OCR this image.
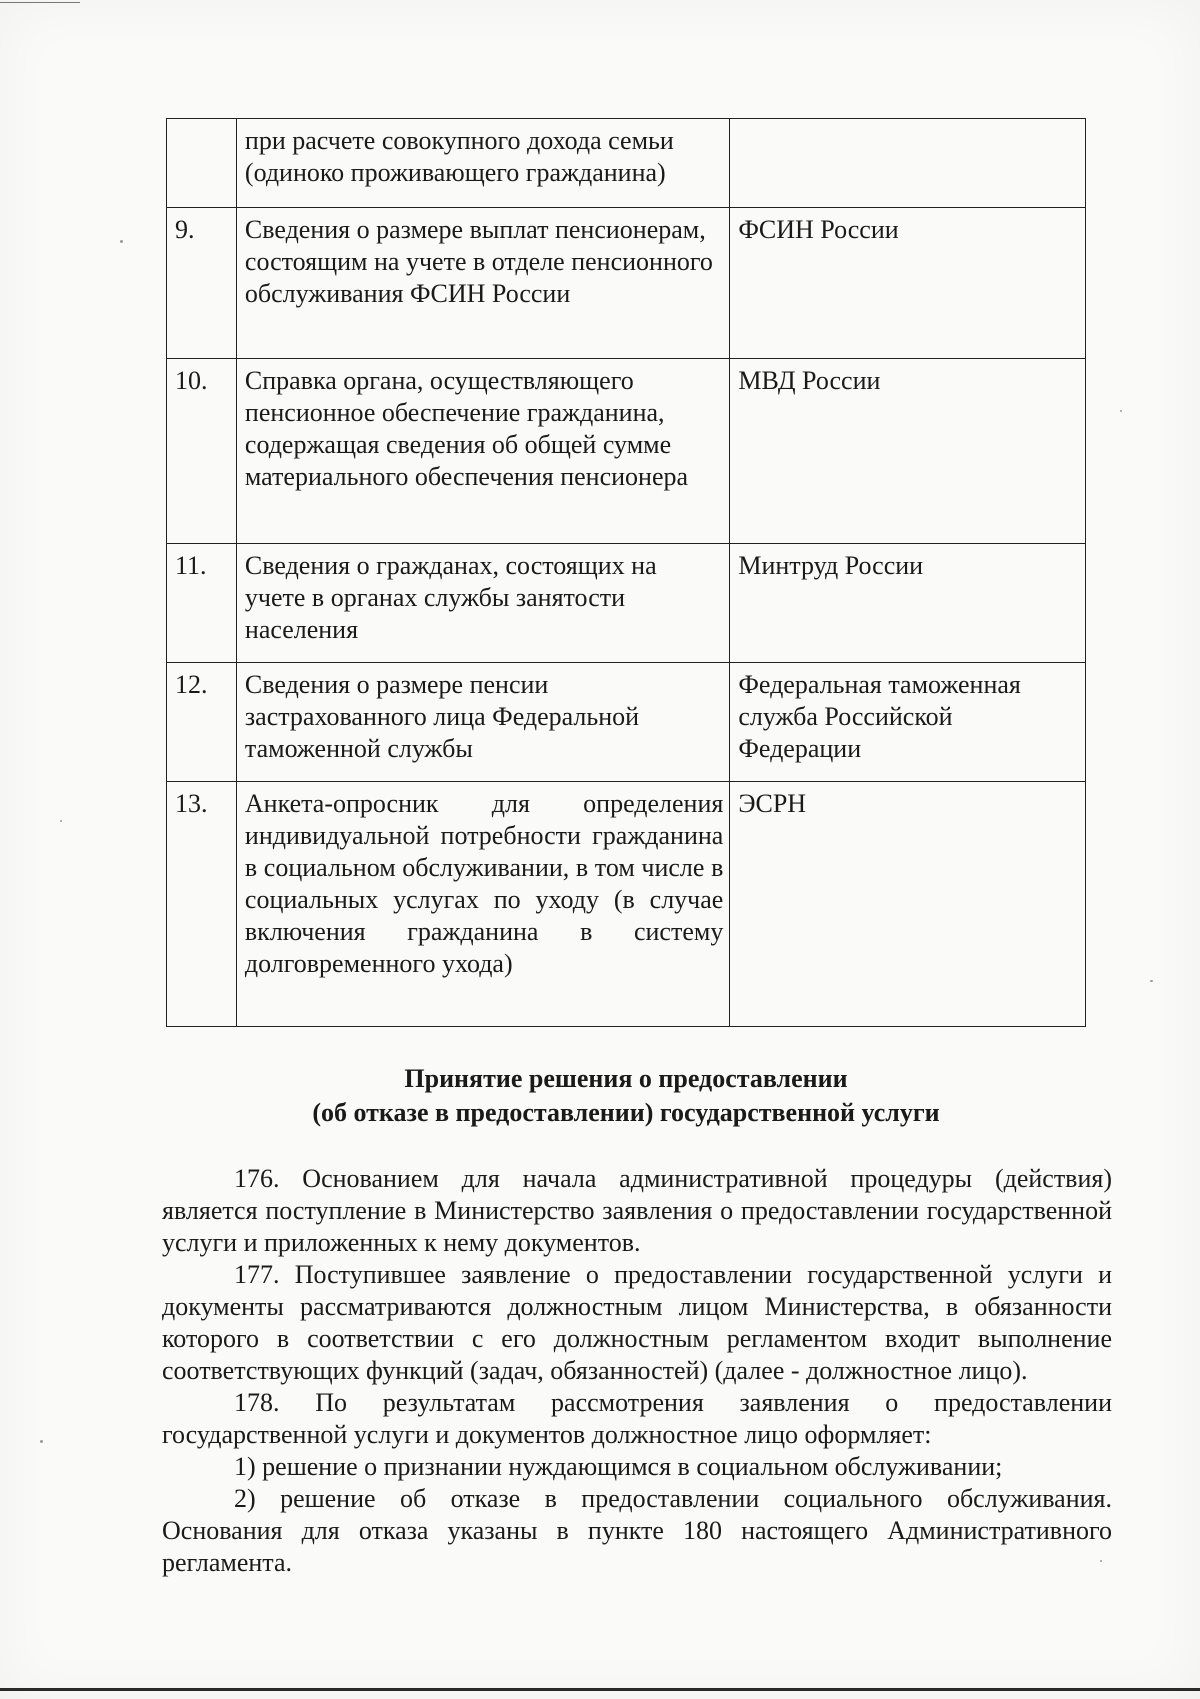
	при расчете совокупного дохода семьи (одиноко проживающего гражданина)	
9.	Сведения о размере выплат пенсионерам, состоящим на учете в отделе пенсионного обслуживания ФСИН России	ФСИН России
10.	Справка органа, осуществляющего пенсионное обеспечение гражданина, содержащая сведения об общей сумме материального обеспечения пенсионера	МВД России
11.	Сведения о гражданах, состоящих на учете в органах службы занятости населения	Минтруд России
12.	Сведения о размере пенсии застрахованного лица Федеральной таможенной службы	Федеральная таможенная служба Российской Федерации
13.	Анкета-опросник для определения индивидуальной потребности гражданина в социальном обслуживании, в том числе в социальных услугах по уходу (в случае включения гражданина в систему долговременного ухода)	ЭСРН
Принятие решения о предоставлении
(об отказе в предоставлении) государственной услуги

176. Основанием для начала административной процедуры (действия) является поступление в Министерство заявления о предоставлении государственной услуги и приложенных к нему документов.

177. Поступившее заявление о предоставлении государственной услуги и документы рассматриваются должностным лицом Министерства, в обязанности которого в соответствии с его должностным регламентом входит выполнение соответствующих функций (задач, обязанностей) (далее - должностное лицо).

178. По результатам рассмотрения заявления о предоставлении государственной услуги и документов должностное лицо оформляет:

1) решение о признании нуждающимся в социальном обслуживании;

2) решение об отказе в предоставлении социального обслуживания. Основания для отказа указаны в пункте 180 настоящего Административного регламента.
